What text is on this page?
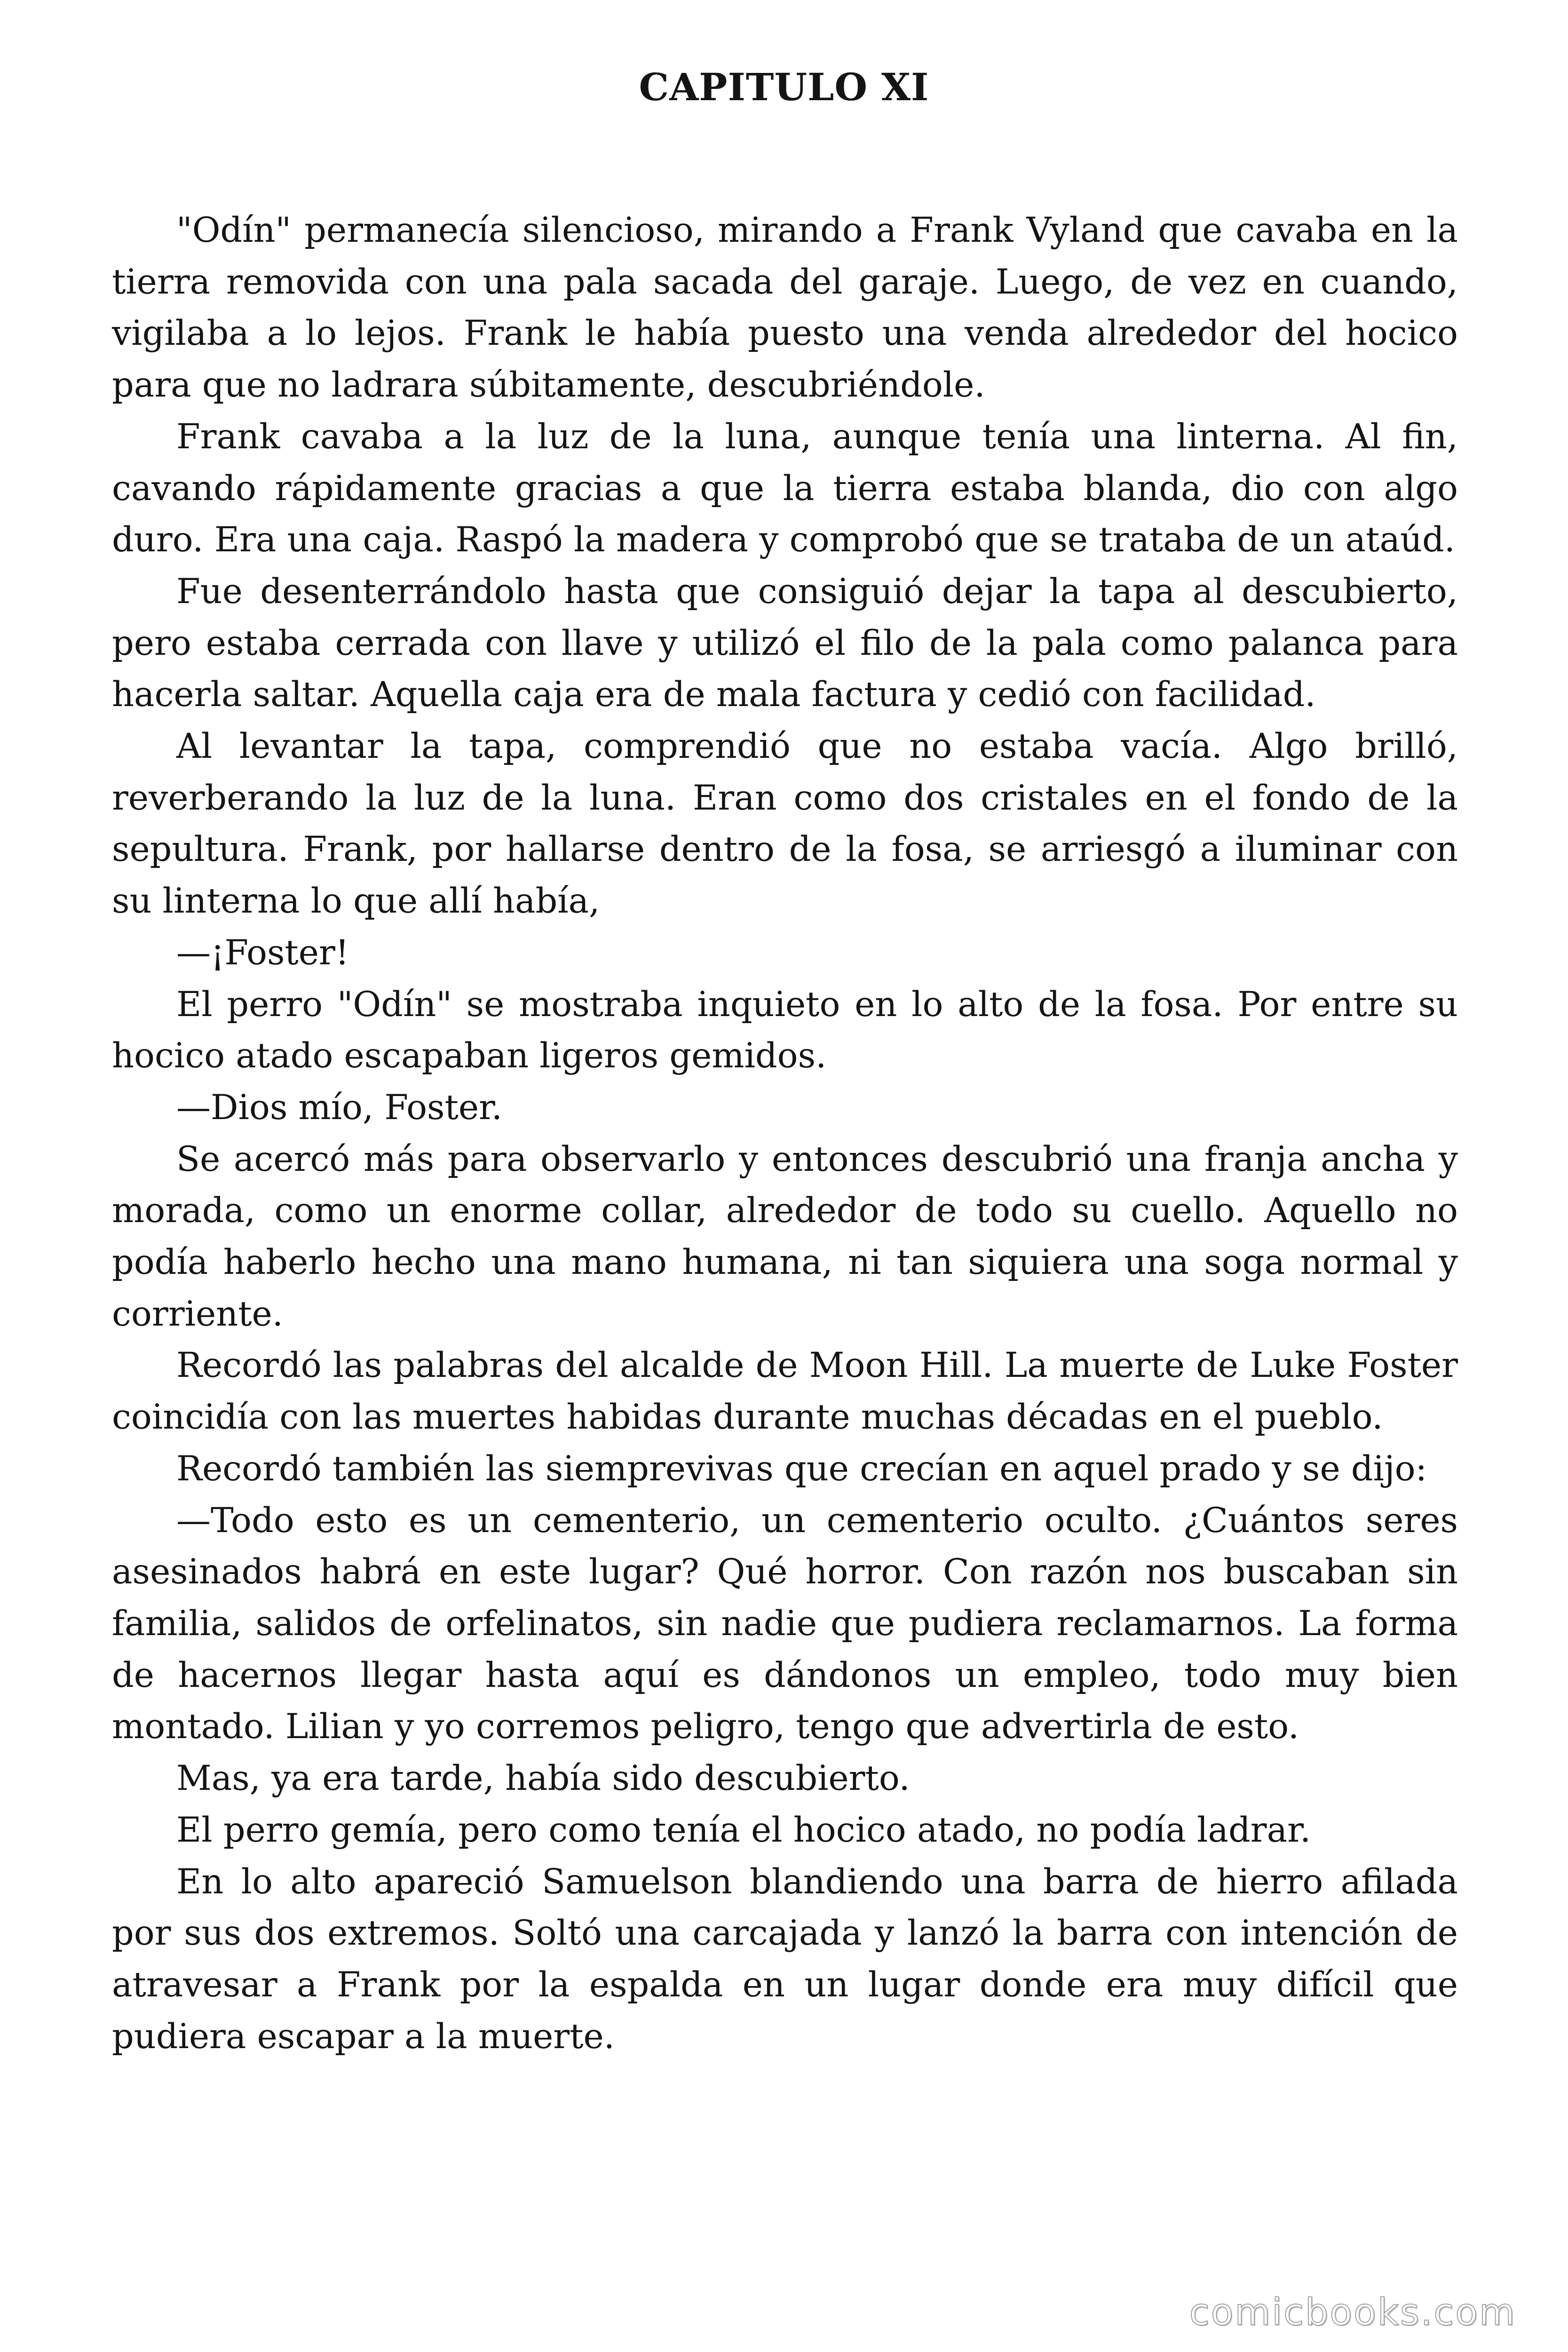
CAPITULO XI

"Odín" permanecía silencioso, mirando a Frank Vyland que cavaba en la tierra removida con una pala sacada del garaje. Luego, de vez en cuando, vigilaba a lo lejos. Frank le había puesto una venda alrededor del hocico para que no ladrara súbitamente, descubriéndole.

Frank cavaba a la luz de la luna, aunque tenía una linterna. Al fin, cavando rápidamente gracias a que la tierra estaba blanda, dio con algo duro. Era una caja. Raspó la madera y comprobó que se trataba de un ataúd.

Fue desenterrándolo hasta que consiguió dejar la tapa al descubierto, pero estaba cerrada con llave y utilizó el filo de la pala como palanca para hacerla saltar. Aquella caja era de mala factura y cedió con facilidad.

Al levantar la tapa, comprendió que no estaba vacía. Algo brilló, reverberando la luz de la luna. Eran como dos cristales en el fondo de la sepultura. Frank, por hallarse dentro de la fosa, se arriesgó a iluminar con su linterna lo que allí había,

—¡Foster!

El perro "Odín" se mostraba inquieto en lo alto de la fosa. Por entre su hocico atado escapaban ligeros gemidos.

—Dios mío, Foster.

Se acercó más para observarlo y entonces descubrió una franja ancha y morada, como un enorme collar, alrededor de todo su cuello. Aquello no podía haberlo hecho una mano humana, ni tan siquiera una soga normal y corriente.

Recordó las palabras del alcalde de Moon Hill. La muerte de Luke Foster coincidía con las muertes habidas durante muchas décadas en el pueblo.

Recordó también las siemprevivas que crecían en aquel prado y se dijo:

—Todo esto es un cementerio, un cementerio oculto. ¿Cuántos seres asesinados habrá en este lugar? Qué horror. Con razón nos buscaban sin familia, salidos de orfelinatos, sin nadie que pudiera reclamarnos. La forma de hacernos llegar hasta aquí es dándonos un empleo, todo muy bien montado. Lilian y yo corremos peligro, tengo que advertirla de esto.

Mas, ya era tarde, había sido descubierto.

El perro gemía, pero como tenía el hocico atado, no podía ladrar.

En lo alto apareció Samuelson blandiendo una barra de hierro afilada por sus dos extremos. Soltó una carcajada y lanzó la barra con intención de atravesar a Frank por la espalda en un lugar donde era muy difícil que pudiera escapar a la muerte.

comicbooks.com
